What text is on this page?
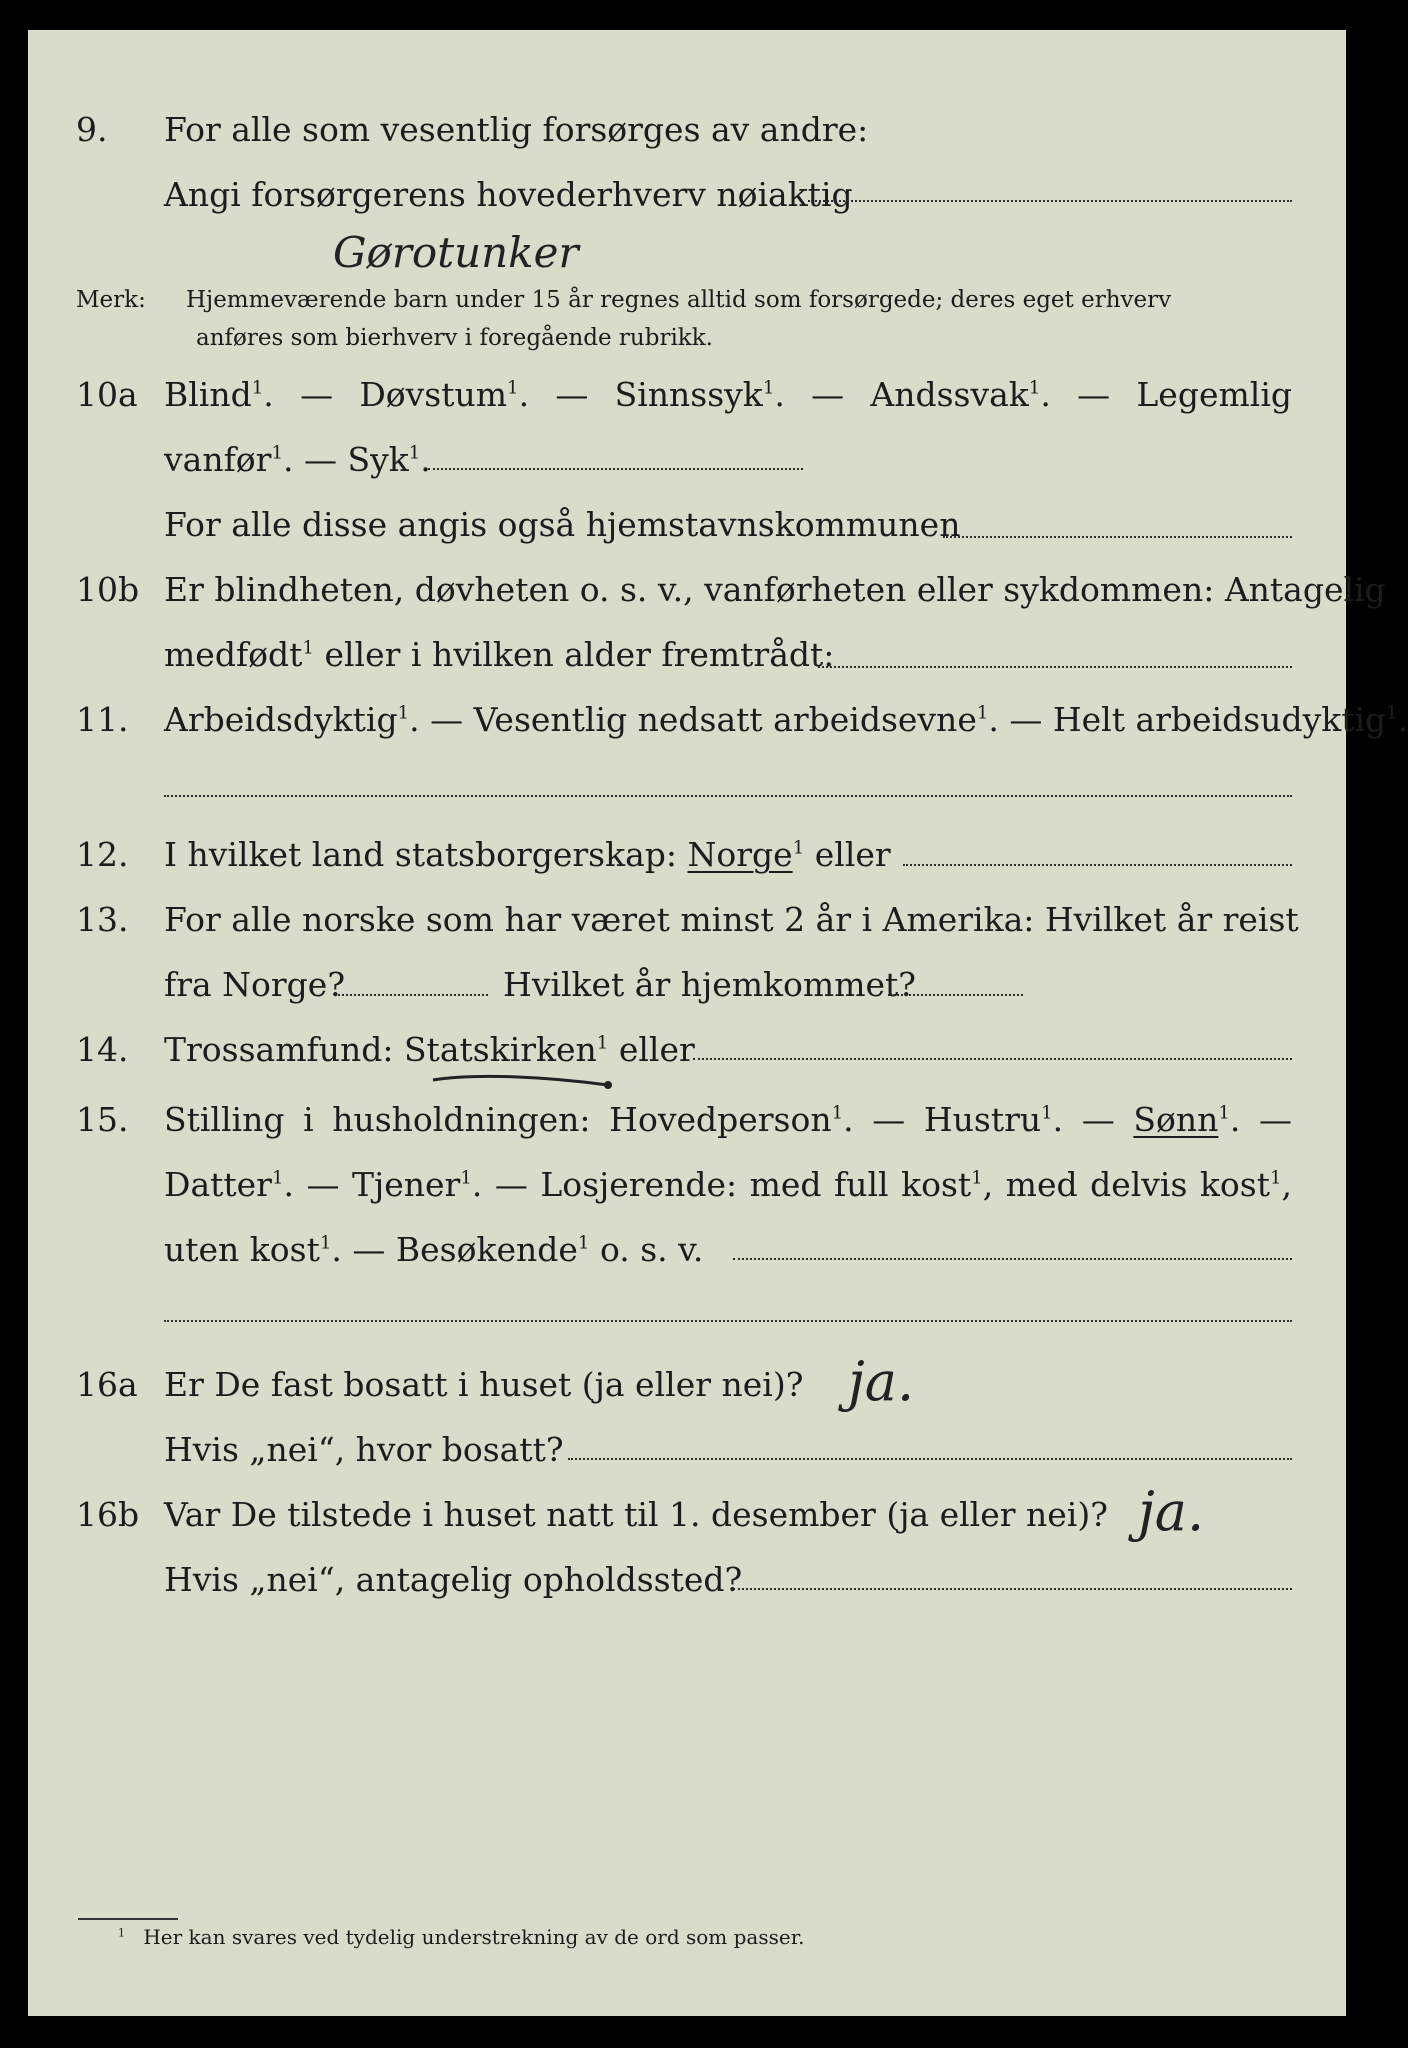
9. For alle som vesentlig forsørges av andre:
Angi forsørgerens hovederhverv nøiaktig
Gørotunker
Merk: Hjemmeværende barn under 15 år regnes alltid som forsørgede; deres eget erhverv
anføres som bierhverv i foregående rubrikk.
10a Blind$^1$. — Døvstum$^1$. — Sinnssyk$^1$. — Andssvak$^1$. — Legemlig
vanfør$^1$. — Syk$^1$.
For alle disse angis også hjemstavnskommunen
10b Er blindheten, døvheten o. s. v., vanførheten eller sykdommen: Antagelig
medfødt$^1$ eller i hvilken alder fremtrådt:
11. Arbeidsdyktig$^1$. — Vesentlig nedsatt arbeidsevne$^1$. — Helt arbeidsudyktig$^1$.
12. I hvilket land statsborgerskap: Norge$^1$ eller
13. For alle norske som har været minst 2 år i Amerika: Hvilket år reist
fra Norge?	Hvilket år hjemkommet?
14. Trossamfund: Statskirken$^1$ eller
15. Stilling i husholdningen: Hovedperson$^1$. — Hustru$^1$. — Sønn$^1$. —
Datter$^1$. — Tjener$^1$. — Losjerende: med full kost$^1$, med delvis kost$^1$,
uten kost$^1$. — Besøkende$^1$ o. s. v.
16a Er De fast bosatt i huset (ja eller nei)? ja.
Hvis „nei“, hvor bosatt?
16b Var De tilstede i huset natt til 1. desember (ja eller nei)? ja.
Hvis „nei“, antagelig opholdssted?
$^1$ Her kan svares ved tydelig understrekning av de ord som passer.
